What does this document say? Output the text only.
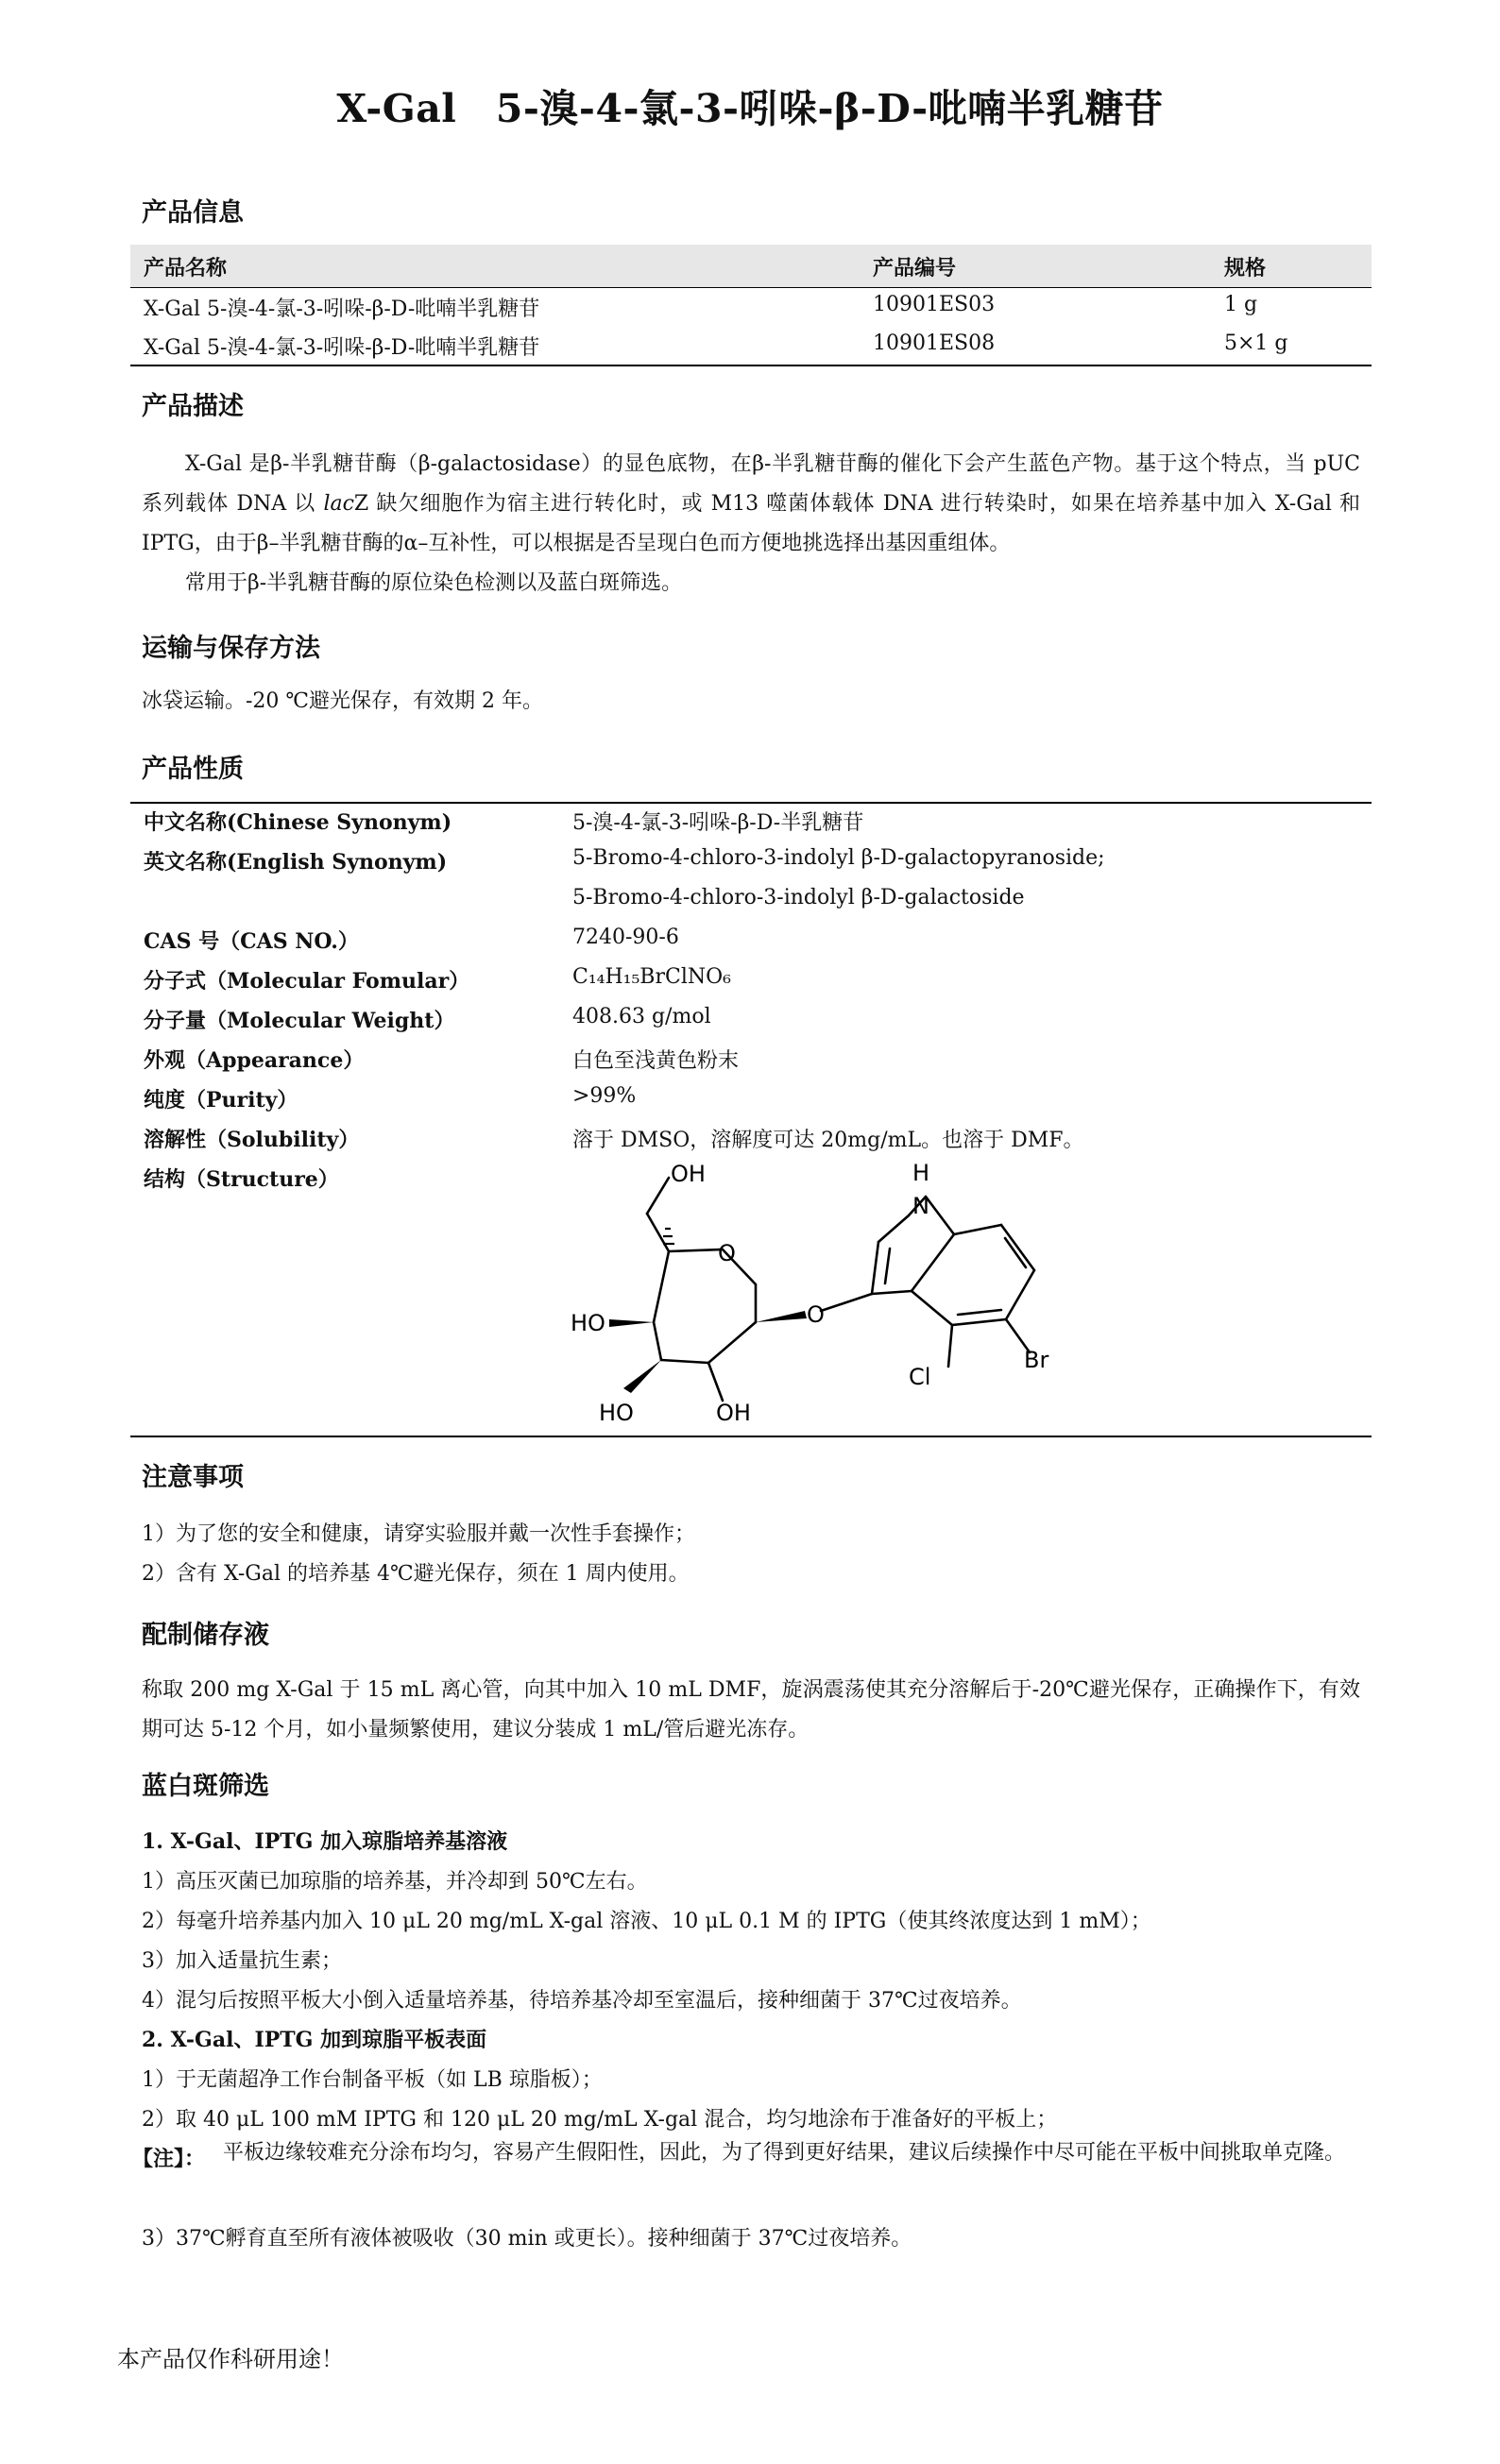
X-Gal　5-溴-4-氯-3-吲哚-β-D-吡喃半乳糖苷
产品信息
产品名称	产品编号	规格
X-Gal 5-溴-4-氯-3-吲哚-β-D-吡喃半乳糖苷	10901ES03	1 g
X-Gal 5-溴-4-氯-3-吲哚-β-D-吡喃半乳糖苷	10901ES08	5×1 g
产品描述
X-Gal 是β-半乳糖苷酶（β-galactosidase）的显色底物，在β-半乳糖苷酶的催化下会产生蓝色产物。基于这个特点，当 pUC 系列载体 DNA 以 lacZ 缺欠细胞作为宿主进行转化时，或 M13 噬菌体载体 DNA 进行转染时，如果在培养基中加入 X-Gal 和 IPTG，由于β–半乳糖苷酶的α–互补性，可以根据是否呈现白色而方便地挑选择出基因重组体。
常用于β-半乳糖苷酶的原位染色检测以及蓝白斑筛选。
运输与保存方法
冰袋运输。-20 ℃避光保存，有效期 2 年。
产品性质
中文名称(Chinese Synonym)	5-溴-4-氯-3-吲哚-β-D-半乳糖苷
英文名称(English Synonym)	5-Bromo-4-chloro-3-indolyl β-D-galactopyranoside;
5-Bromo-4-chloro-3-indolyl β-D-galactoside
CAS 号（CAS NO.）	7240-90-6
分子式（Molecular Fomular）	C₁₄H₁₅BrClNO₆
分子量（Molecular Weight）	408.63 g/mol
外观（Appearance）	白色至浅黄色粉末
纯度（Purity）	>99%
溶解性（Solubility）	溶于 DMSO，溶解度可达 20mg/mL。也溶于 DMF。
结构（Structure）	OH	H
N
O
HO	O
Br
Cl
HO	OH
注意事项
1）为了您的安全和健康，请穿实验服并戴一次性手套操作；
2）含有 X-Gal 的培养基 4℃避光保存，须在 1 周内使用。
配制储存液
称取 200 mg X-Gal 于 15 mL 离心管，向其中加入 10 mL DMF，旋涡震荡使其充分溶解后于-20℃避光保存，正确操作下，有效期可达 5-12 个月，如小量频繁使用，建议分装成 1 mL/管后避光冻存。
蓝白斑筛选
1. X-Gal、IPTG 加入琼脂培养基溶液
1）高压灭菌已加琼脂的培养基，并冷却到 50℃左右。
2）每毫升培养基内加入 10 μL 20 mg/mL X-gal 溶液、10 μL 0.1 M 的 IPTG（使其终浓度达到 1 mM）；
3）加入适量抗生素；
4）混匀后按照平板大小倒入适量培养基，待培养基冷却至室温后，接种细菌于 37℃过夜培养。
2. X-Gal、IPTG 加到琼脂平板表面
1）于无菌超净工作台制备平板（如 LB 琼脂板）；
2）取 40 μL 100 mM IPTG 和 120 μL 20 mg/mL X-gal 混合，均匀地涂布于准备好的平板上；
【注】： 平板边缘较难充分涂布均匀，容易产生假阳性，因此，为了得到更好结果，建议后续操作中尽可能在平板中间挑取单克隆。
3）37℃孵育直至所有液体被吸收（30 min 或更长）。接种细菌于 37℃过夜培养。
本产品仅作科研用途！
